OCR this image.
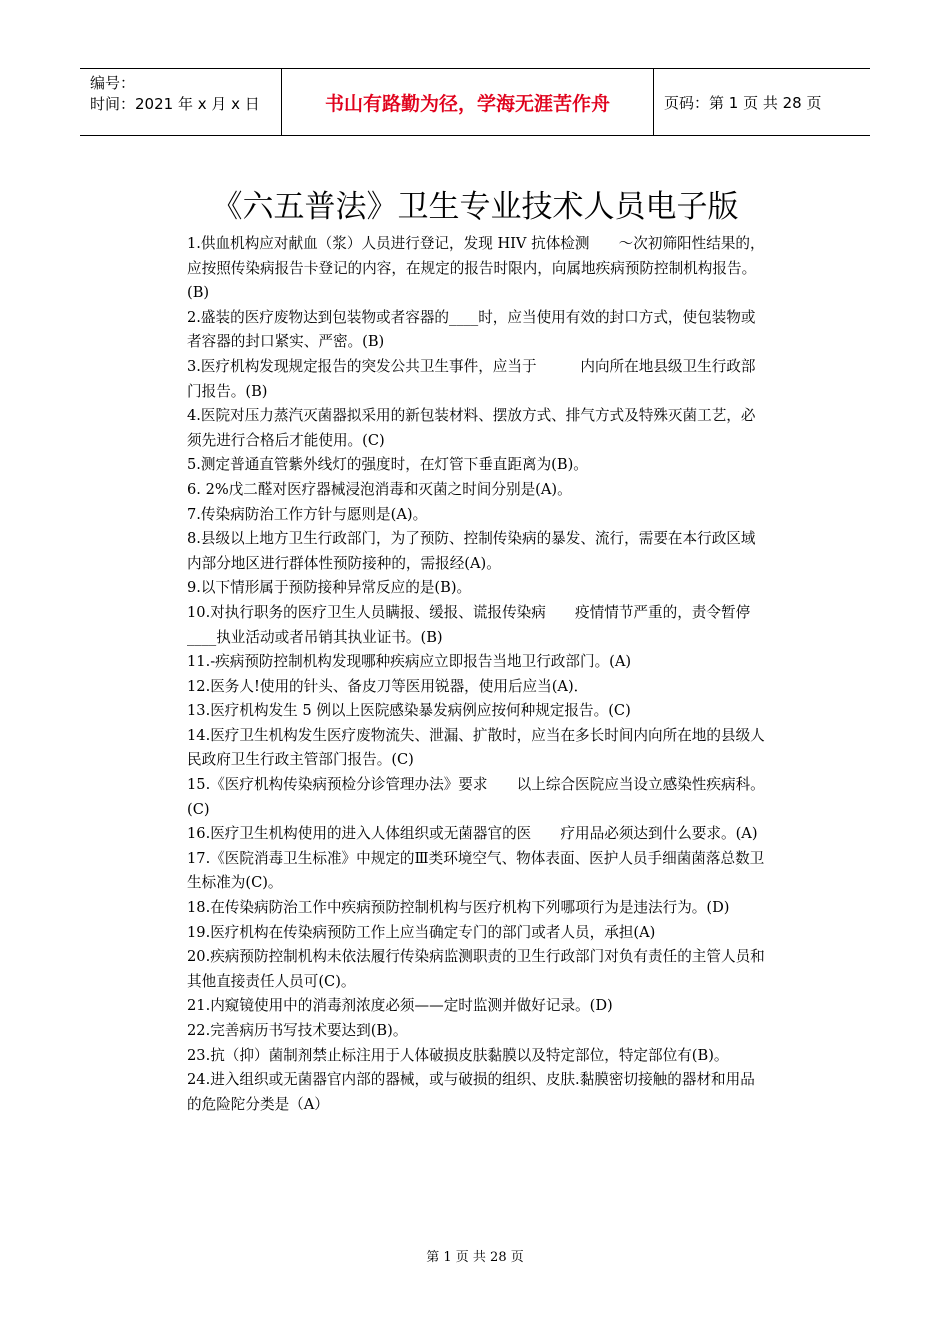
编号：
时间：2021 年 x 月 x 日	书山有路勤为径，学海无涯苦作舟	页码：第 1 页 共 28 页
《六五普法》卫生专业技术人员电子版

1.供血机构应对献血（浆）人员进行登记，发现 HIV 抗体检测　　～次初筛阳性结果的，应按照传染病报告卡登记的内容，在规定的报告时限内，向属地疾病预防控制机构报告。(B)

2.盛装的医疗废物达到包装物或者容器的____时，应当使用有效的封口方式，使包装物或者容器的封口紧实、严密。(B)

3.医疗机构发现规定报告的突发公共卫生事件，应当于　　　内向所在地县级卫生行政部门报告。(B)

4.医院对压力蒸汽灭菌器拟采用的新包装材料、摆放方式、排气方式及特殊灭菌工艺，必须先进行合格后才能使用。(C)

5.测定普通直管紫外线灯的强度时，在灯管下垂直距离为(B)。

6. 2%戊二醛对医疗器械浸泡消毒和灭菌之时间分别是(A)。

7.传染病防治工作方针与愿则是(A)。

8.县级以上地方卫生行政部门，为了预防、控制传染病的暴发、流行，需要在本行政区域内部分地区进行群体性预防接种的，需报经(A)。

9.以下情形属于预防接种异常反应的是(B)。

10.对执行职务的医疗卫生人员瞒报、缓报、谎报传染病　　疫情情节严重的，责令暂停____执业活动或者吊销其执业证书。(B)

11.-疾病预防控制机构发现哪种疾病应立即报告当地卫行政部门。(A)

12.医务人!使用的针头、备皮刀等医用锐器，使用后应当(A)．

13.医疗机构发生 5 例以上医院感染暴发病例应按何种规定报告。(C)

14.医疗卫生机构发生医疗废物流失、泄漏、扩散时，应当在多长时间内向所在地的县级人民政府卫生行政主管部门报告。(C)

15.《医疗机构传染病预检分诊管理办法》要求　　以上综合医院应当设立感染性疾病科。(C)

16.医疗卫生机构使用的进入人体组织或无菌器官的医　　疗用品必须达到什么要求。(A)

17.《医院消毒卫生标准》中规定的Ⅲ类环境空气、物体表面、医护人员手细菌菌落总数卫生标准为(C)。

18.在传染病防治工作中疾病预防控制机构与医疗机构下列哪项行为是违法行为。(D)

19.医疗机构在传染病预防工作上应当确定专门的部门或者人员，承担(A)

20.疾病预防控制机构未依法履行传染病监测职责的卫生行政部门对负有责任的主管人员和其他直接责任人员可(C)。

21.内窥镜使用中的消毒剂浓度必须——定时监测并做好记录。(D)

22.完善病历书写技术要达到(B)。

23.抗（抑）菌制剂禁止标注用于人体破损皮肤黏膜以及特定部位，特定部位有(B)。

24.进入组织或无菌器官内部的器械，或与破损的组织、皮肤.黏膜密切接触的器材和用品的危险陀分类是（A）

第 1 页 共 28 页
